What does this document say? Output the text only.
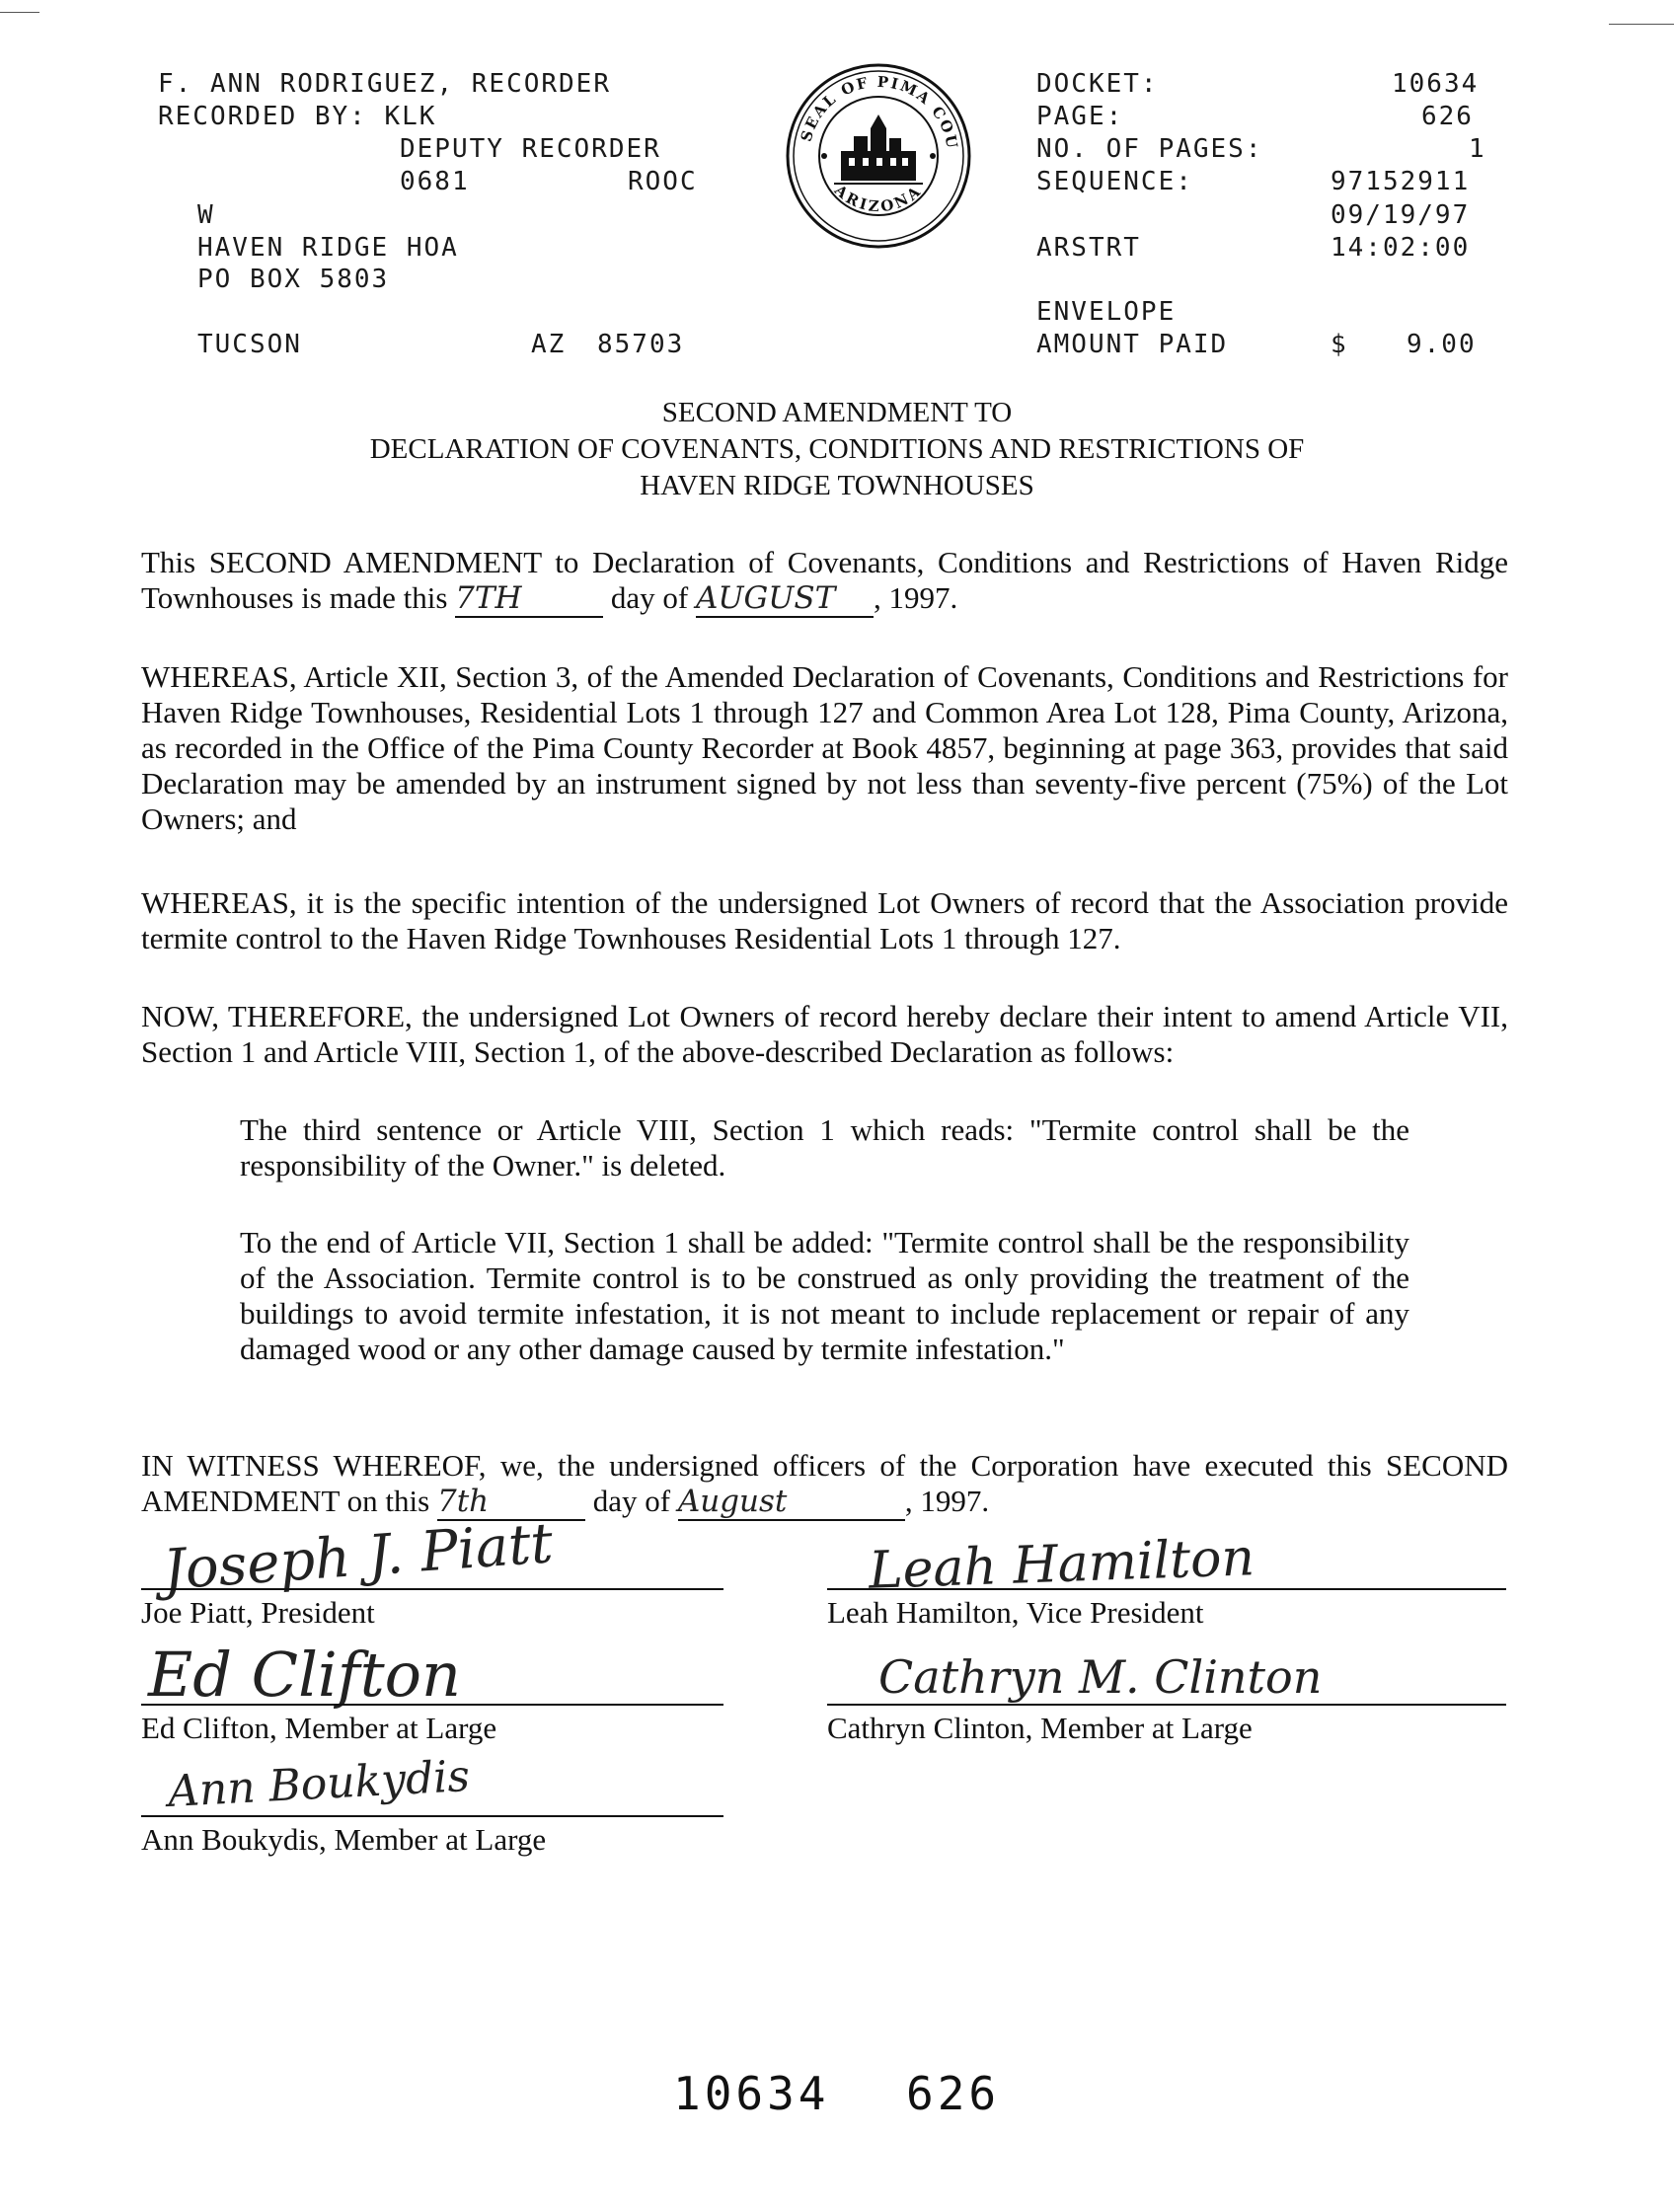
F. ANN RODRIGUEZ, RECORDER
RECORDED BY: KLK
DEPUTY RECORDER
0681	ROOC
W
HAVEN RIDGE HOA
PO BOX 5803
TUCSON	AZ 85703
SEAL OF PIMA COU
ARIZONA
DOCKET:	10634
PAGE:	626
NO. OF PAGES:	1
SEQUENCE:	97152911
09/19/97
ARSTRT	14:02:00
ENVELOPE
AMOUNT PAID	$ 9.00
SECOND AMENDMENT TO
DECLARATION OF COVENANTS, CONDITIONS AND RESTRICTIONS OF
HAVEN RIDGE TOWNHOUSES
This SECOND AMENDMENT to Declaration of Covenants, Conditions and Restrictions of Haven Ridge Townhouses is made this 7TH	day of AUGUST , 1997.
WHEREAS, Article XII, Section 3, of the Amended Declaration of Covenants, Conditions and Restrictions for Haven Ridge Townhouses, Residential Lots 1 through 127 and Common Area Lot 128, Pima County, Arizona, as recorded in the Office of the Pima County Recorder at Book 4857, beginning at page 363, provides that said Declaration may be amended by an instrument signed by not less than seventy-five percent (75%) of the Lot Owners; and
WHEREAS, it is the specific intention of the undersigned Lot Owners of record that the Association provide termite control to the Haven Ridge Townhouses Residential Lots 1 through 127.
NOW, THEREFORE, the undersigned Lot Owners of record hereby declare their intent to amend Article VII, Section 1 and Article VIII, Section 1, of the above-described Declaration as follows:
The third sentence or Article VIII, Section 1 which reads: "Termite control shall be the responsibility of the Owner." is deleted.
To the end of Article VII, Section 1 shall be added: "Termite control shall be the responsibility of the Association. Termite control is to be construed as only providing the treatment of the buildings to avoid termite infestation, it is not meant to include replacement or repair of any damaged wood or any other damage caused by termite infestation."
IN WITNESS WHEREOF, we, the undersigned officers of the Corporation have executed this SECOND AMENDMENT on this 7th	day of August	, 1997.
Joseph J. Piatt
Joe Piatt, President
Leah Hamilton
Leah Hamilton, Vice President
Ed Clifton
Ed Clifton, Member at Large
Cathryn M. Clinton
Cathryn Clinton, Member at Large
Ann Boukydis
Ann Boukydis, Member at Large
10634 626
